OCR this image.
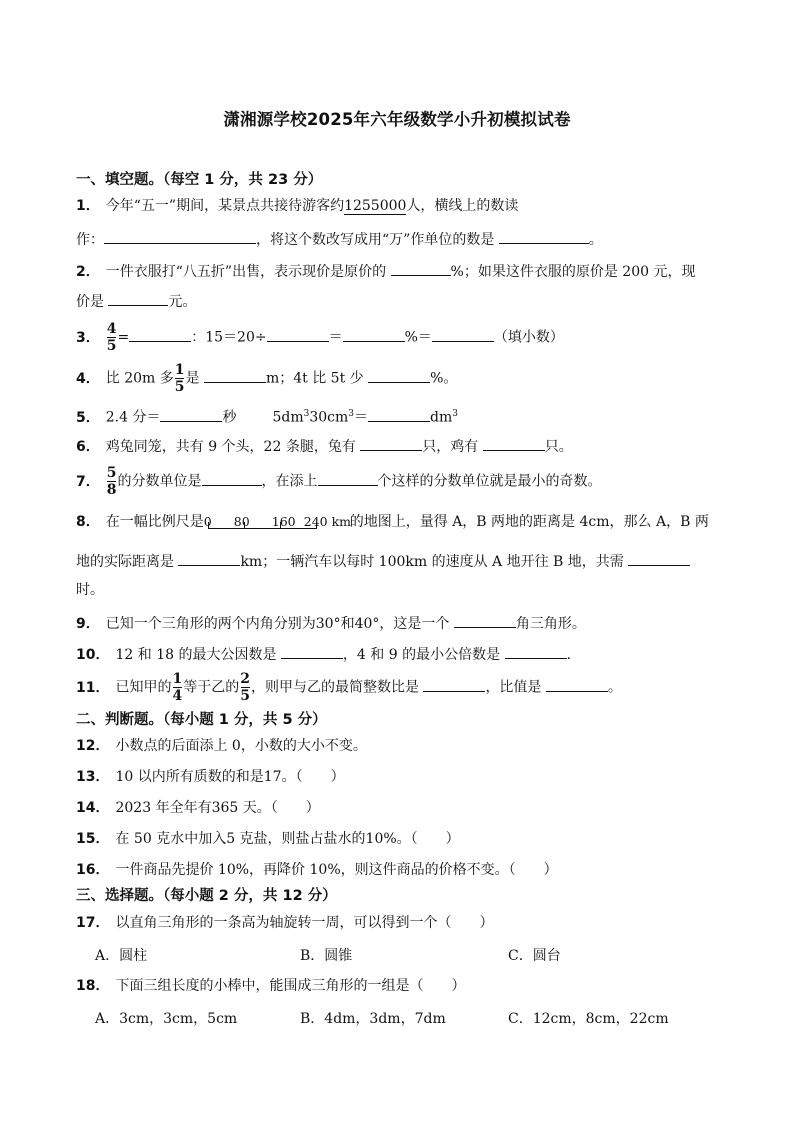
潇湘源学校2025年六年级数学小升初模拟试卷
一、填空题。（每空 1 分，共 23 分）
1． 今年“五一”期间，某景点共接待游客约1255000人，横线上的数读
作：	，将这个数改写成用“万”作单位的数是	。
2． 一件衣服打“八五折”出售，表示现价是原价的	%；如果这件衣服的原价是 200 元，现
价是	元。
3． $\frac{4}{5}$ =	：15＝20÷	＝	%＝	（填小数）
4． 比 20m 多 $\frac{1}{5}$ 是	m；4t 比 5t 少	%。
5． 2.4 分＝	秒	$5dm^330cm^3=$	$dm^3$
6． 鸡兔同笼，共有 9 个头，22 条腿，兔有	只，鸡有	只。
7． $\frac{5}{8}$ 的分数单位是	，在添上	个这样的分数单位就是最小的奇数。
8． 在一幅比例尺是 0 80 160 240 km
的地图上，量得 A，B 两地的距离是 4cm，那么 A，B 两
地的实际距离是	km；一辆汽车以每时 100km 的速度从 A 地开往 B 地，共需
时。
9． 已知一个三角形的两个内角分别为30°和40°，这是一个	角三角形。
10． 12 和 18 的最大公因数是	，4 和 9 的最小公倍数是	.
11． 已知甲的 $\frac{1}{4}$ 等于乙的 $\frac{2}{5}$ ，则甲与乙的最简整数比是	，比值是	。
二、判断题。（每小题 1 分，共 5 分）
12． 小数点的后面添上 0，小数的大小不变。
13． 10 以内所有质数的和是17。（　　）
14． 2023 年全年有365 天。（　　）
15． 在 50 克水中加入5 克盐，则盐占盐水的10%。（　　）
16． 一件商品先提价 10%，再降价 10%，则这件商品的价格不变。（　　）
三、选择题。（每小题 2 分，共 12 分）
17． 以直角三角形的一条高为轴旋转一周，可以得到一个（　　）
A．圆柱	B．圆锥	C．圆台
18． 下面三组长度的小棒中，能围成三角形的一组是（　　）
A．3cm，3cm，5cm	B．4dm，3dm，7dm	C．12cm，8cm，22cm
